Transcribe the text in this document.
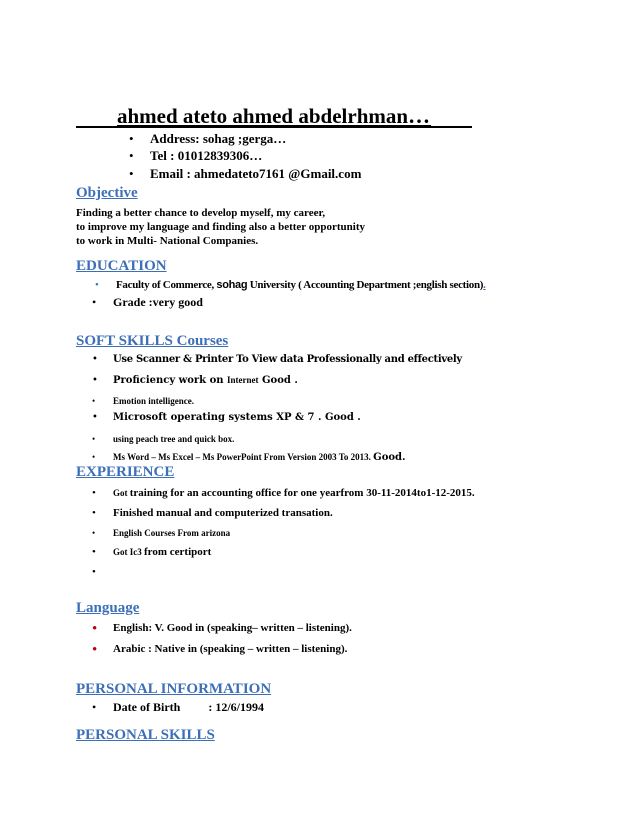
ahmed ateto ahmed abdelrhman…
• Address: sohag ;gerga…
• Tel : 01012839306…
• Email : ahmedateto7161 @Gmail.com
Objective
Finding a better chance to develop myself, my career,
to improve my language and finding also a better opportunity
to work in Multi- National Companies.
EDUCATION
• Faculty of Commerce, sohag University ( Accounting Department ;english section).
• Grade :very good
SOFT SKILLS Courses
• Use Scanner & Printer To View data Professionally and effectively
• Proficiency work on Internet Good .
• Emotion intelligence.
• Microsoft operating systems XP & 7 . Good .
• using peach tree and quick box.
• Ms Word – Ms Excel – Ms PowerPoint From Version 2003 To 2013. Good.
EXPERIENCE
• Got training for an accounting office for one yearfrom 30-11-2014to1-12-2015.
• Finished manual and computerized transation.
• English Courses From arizona
• Got Ic3 from certiport
Language
• English: V. Good in (speaking– written – listening).
• Arabic : Native in (speaking – written – listening).
PERSONAL INFORMATION
• Date of Birth : 12/6/1994
PERSONAL SKILLS
